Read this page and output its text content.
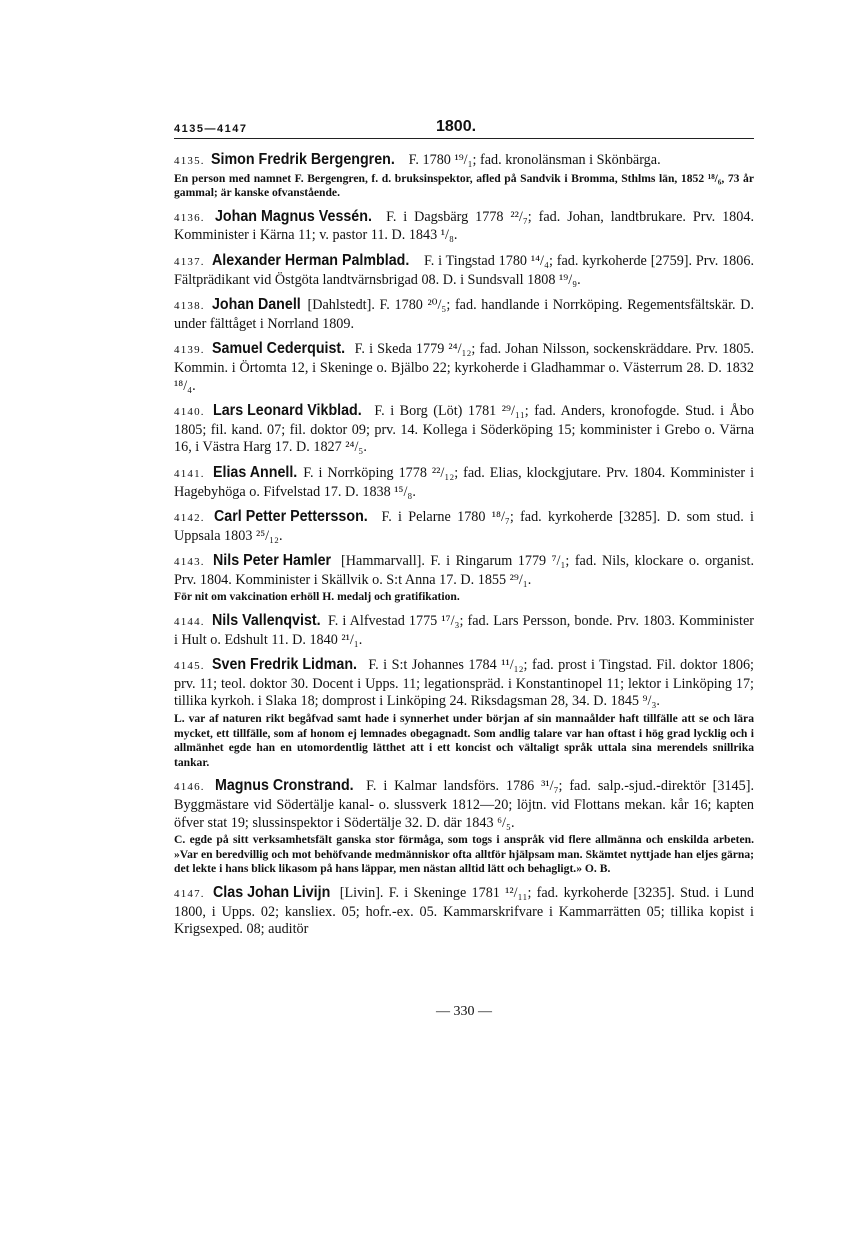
4135—4147	1800.
4135. Simon Fredrik Bergengren. F. 1780 ¹⁹/₁; fad. kronolänsman i Skönbärga.
En person med namnet F. Bergengren, f. d. bruksinspektor, afled på Sandvik i Bromma, Sthlms län, 1852 ¹⁸/₆, 73 år gammal; är kanske ofvanstående.
4136. Johan Magnus Vessén. F. i Dagsbärg 1778 ²²/₇; fad. Johan, landtbrukare. Prv. 1804. Komminister i Kärna 11; v. pastor 11. D. 1843 ¹/₈.
4137. Alexander Herman Palmblad. F. i Tingstad 1780 ¹⁴/₄; fad. kyrkoherde [2759]. Prv. 1806. Fältprädikant vid Östgöta landtvärnsbrigad 08. D. i Sundsvall 1808 ¹⁹/₉.
4138. Johan Danell [Dahlstedt]. F. 1780 ²⁰/₅; fad. handlande i Norrköping. Regementsfältskär. D. under fälttåget i Norrland 1809.
4139. Samuel Cederquist. F. i Skeda 1779 ²⁴/₁₂; fad. Johan Nilsson, sockenskräddare. Prv. 1805. Kommin. i Örtomta 12, i Skeninge o. Bjälbo 22; kyrkoherde i Gladhammar o. Västerrum 28. D. 1832 ¹⁸/₄.
4140. Lars Leonard Vikblad. F. i Borg (Löt) 1781 ²⁹/₁₁; fad. Anders, kronofogde. Stud. i Åbo 1805; fil. kand. 07; fil. doktor 09; prv. 14. Kollega i Söderköping 15; komminister i Grebo o. Värna 16, i Västra Harg 17. D. 1827 ²⁴/₅.
4141. Elias Annell. F. i Norrköping 1778 ²²/₁₂; fad. Elias, klockgjutare. Prv. 1804. Komminister i Hagebyhöga o. Fifvelstad 17. D. 1838 ¹⁵/₈.
4142. Carl Petter Pettersson. F. i Pelarne 1780 ¹⁸/₇; fad. kyrkoherde [3285]. D. som stud. i Uppsala 1803 ²⁵/₁₂.
4143. Nils Peter Hamler [Hammarvall]. F. i Ringarum 1779 ⁷/₁; fad. Nils, klockare o. organist. Prv. 1804. Komminister i Skällvik o. S:t Anna 17. D. 1855 ²⁹/₁.
För nit om vakcination erhöll H. medalj och gratifikation.
4144. Nils Vallenqvist. F. i Alfvestad 1775 ¹⁷/₃; fad. Lars Persson, bonde. Prv. 1803. Komminister i Hult o. Edshult 11. D. 1840 ²¹/₁.
4145. Sven Fredrik Lidman. F. i S:t Johannes 1784 ¹¹/₁₂; fad. prost i Tingstad. Fil. doktor 1806; prv. 11; teol. doktor 30. Docent i Upps. 11; legationspräd. i Konstantinopel 11; lektor i Linköping 17; tillika kyrkoh. i Slaka 18; domprost i Linköping 24. Riksdagsman 28, 34. D. 1845 ⁹/₃.
L. var af naturen rikt begåfvad samt hade i synnerhet under början af sin mannaålder haft tillfälle att se och lära mycket, ett tillfälle, som af honom ej lemnades obegagnadt. Som andlig talare var han oftast i hög grad lycklig och i allmänhet egde han en utomordentlig lätthet att i ett koncist och vältaligt språk uttala sina merendels snillrika tankar.
4146. Magnus Cronstrand. F. i Kalmar landsförs. 1786 ³¹/₇; fad. salp.-sjud.-direktör [3145]. Byggmästare vid Södertälje kanal- o. slussverk 1812—20; löjtn. vid Flottans mekan. kår 16; kapten öfver stat 19; slussinspektor i Södertälje 32. D. där 1843 ⁶/₅.
C. egde på sitt verksamhetsfält ganska stor förmåga, som togs i anspråk vid flere allmänna och enskilda arbeten. »Var en beredvillig och mot behöfvande medmänniskor ofta alltför hjälpsam man. Skämtet nyttjade han eljes gärna; det lekte i hans blick likasom på hans läppar, men nästan alltid lätt och behagligt.» O. B.
4147. Clas Johan Livijn [Livin]. F. i Skeninge 1781 ¹²/₁₁; fad. kyrkoherde [3235]. Stud. i Lund 1800, i Upps. 02; kansliex. 05; hofr.-ex. 05. Kammarskrifvare i Kammarrätten 05; tillika kopist i Krigsexped. 08; auditör
— 330 —
